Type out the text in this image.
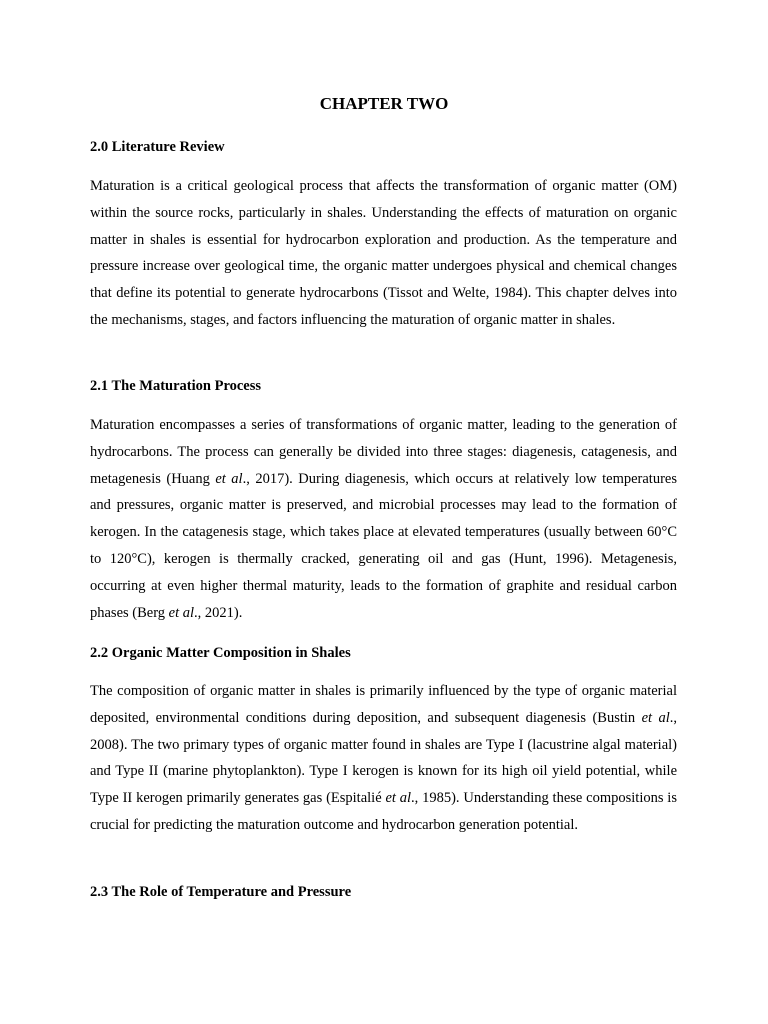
CHAPTER TWO
2.0 Literature Review

Maturation is a critical geological process that affects the transformation of organic matter (OM) within the source rocks, particularly in shales. Understanding the effects of maturation on organic matter in shales is essential for hydrocarbon exploration and production. As the temperature and pressure increase over geological time, the organic matter undergoes physical and chemical changes that define its potential to generate hydrocarbons (Tissot and Welte, 1984). This chapter delves into the mechanisms, stages, and factors influencing the maturation of organic matter in shales.

2.1 The Maturation Process

Maturation encompasses a series of transformations of organic matter, leading to the generation of hydrocarbons. The process can generally be divided into three stages: diagenesis, catagenesis, and metagenesis (Huang et al., 2017). During diagenesis, which occurs at relatively low temperatures and pressures, organic matter is preserved, and microbial processes may lead to the formation of kerogen. In the catagenesis stage, which takes place at elevated temperatures (usually between 60°C to 120°C), kerogen is thermally cracked, generating oil and gas (Hunt, 1996). Metagenesis, occurring at even higher thermal maturity, leads to the formation of graphite and residual carbon phases (Berg et al., 2021).

2.2 Organic Matter Composition in Shales

The composition of organic matter in shales is primarily influenced by the type of organic material deposited, environmental conditions during deposition, and subsequent diagenesis (Bustin et al., 2008). The two primary types of organic matter found in shales are Type I (lacustrine algal material) and Type II (marine phytoplankton). Type I kerogen is known for its high oil yield potential, while Type II kerogen primarily generates gas (Espitalié et al., 1985). Understanding these compositions is crucial for predicting the maturation outcome and hydrocarbon generation potential.

2.3 The Role of Temperature and Pressure
